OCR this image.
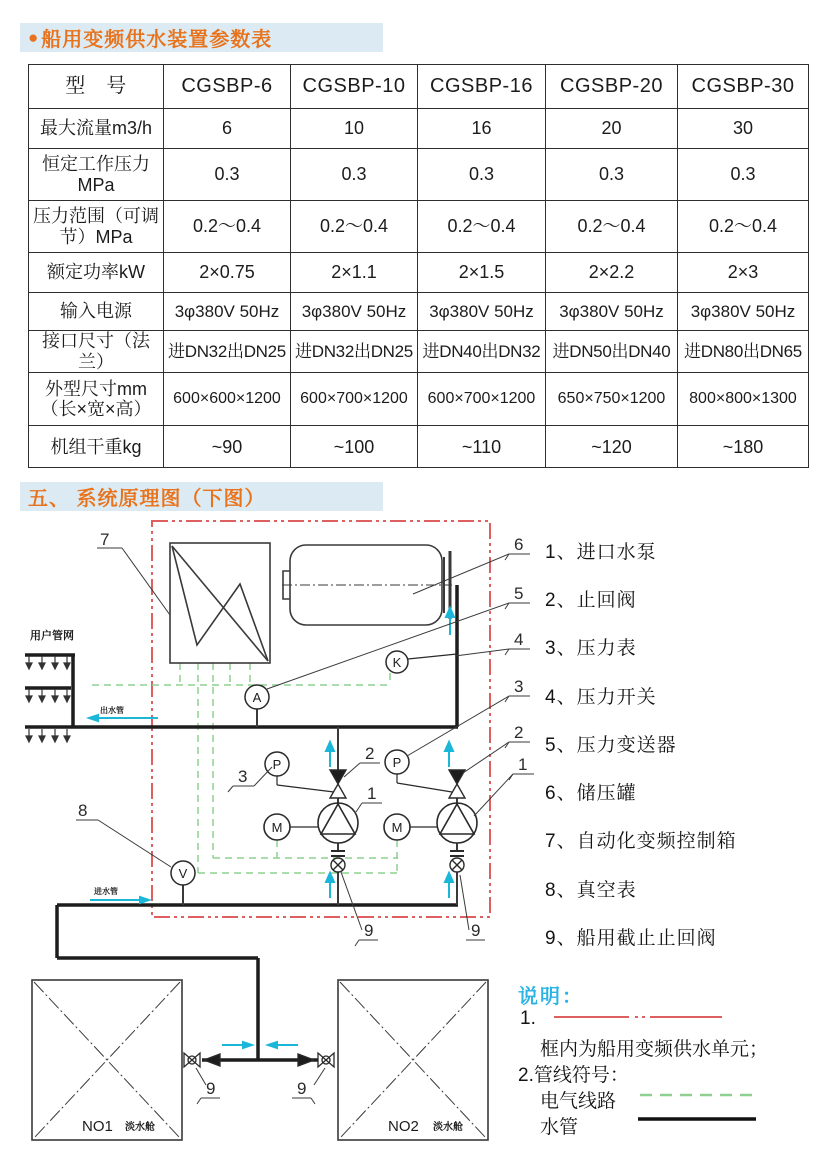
● 船用变频供水装置参数表
型　号	CGSBP-6	CGSBP-10	CGSBP-16	CGSBP-20	CGSBP-30
最大流量m3/h	6	10	16	20	30
恒定工作压力 MPa	0.3	0.3	0.3	0.3	0.3
压力范围（可调节）MPa	0.2～0.4	0.2～0.4	0.2～0.4	0.2～0.4	0.2～0.4
额定功率kW	2×0.75	2×1.1	2×1.5	2×2.2	2×3
输入电源	3φ380V 50Hz	3φ380V 50Hz	3φ380V 50Hz	3φ380V 50Hz	3φ380V 50Hz
接口尺寸（法兰）	进DN32出DN25	进DN32出DN25	进DN40出DN32	进DN50出DN40	进DN80出DN65
外型尺寸mm （长×宽×高）	600×600×1200	600×700×1200	600×700×1200	650×750×1200	800×800×1300
机组干重kg	~90	~100	~110	~120	~180
五、 系统原理图（下图）
P	P
M	M
A
K
V
7
8
3
2
1
9	9
9	9
6
5
4
3
2
1
用户管网
出水管
进水管
NO1 淡水舱	NO2 淡水舱
1、进口水泵
2、止回阀
3、压力表
4、压力开关
5、压力变送器
6、储压罐
7、自动化变频控制箱
8、真空表
9、船用截止止回阀
说明：
1.
框内为船用变频供水单元；
2.管线符号：
电气线路
水管
